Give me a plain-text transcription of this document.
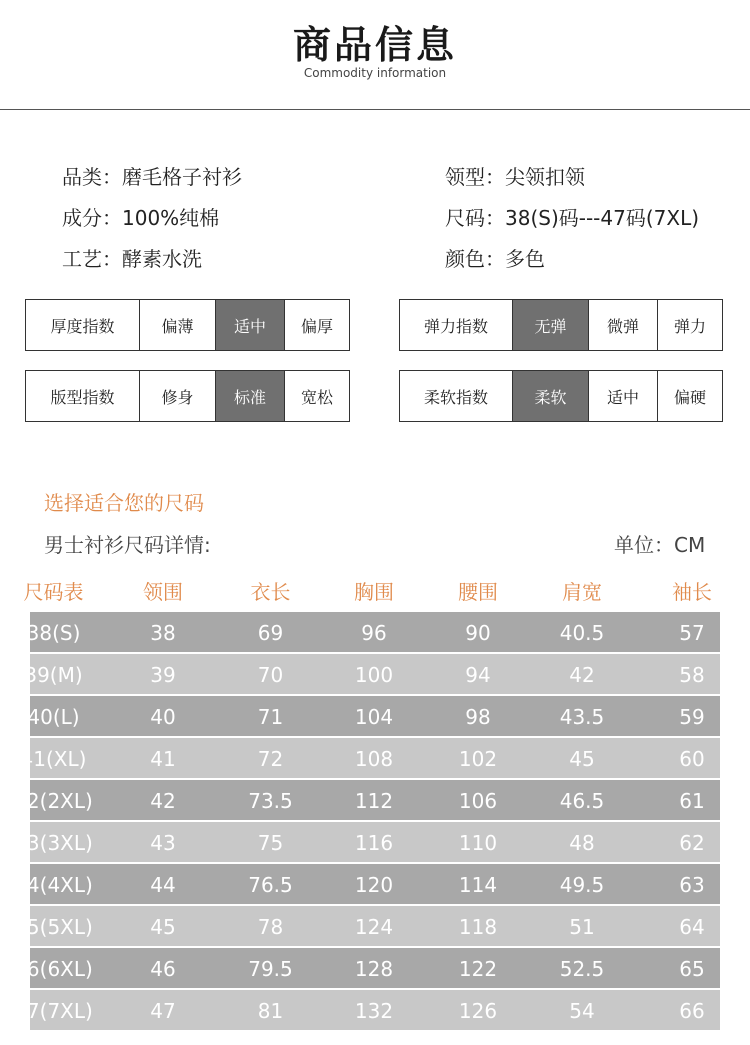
商品信息
Commodity information
品类：磨毛格子衬衫
成分：100%纯棉
工艺：酵素水洗
领型：尖领扣领
尺码：38(S)码---47码(7XL)
颜色：多色
厚度指数	偏薄	适中	偏厚	弹力指数	无弹	微弹	弹力
版型指数	修身	标准	宽松	柔软指数	柔软	适中	偏硬
选择适合您的尺码
男士衬衫尺码详情:	单位：CM
尺码表	领围	衣长	胸围	腰围	肩宽	袖长
38(S)	38	69	96	90	40.5	57
39(M)	39	70	100	94	42	58
40(L)	40	71	104	98	43.5	59
41(XL)	41	72	108	102	45	60
42(2XL)	42	73.5	112	106	46.5	61
43(3XL)	43	75	116	110	48	62
44(4XL)	44	76.5	120	114	49.5	63
45(5XL)	45	78	124	118	51	64
46(6XL)	46	79.5	128	122	52.5	65
47(7XL)	47	81	132	126	54	66
